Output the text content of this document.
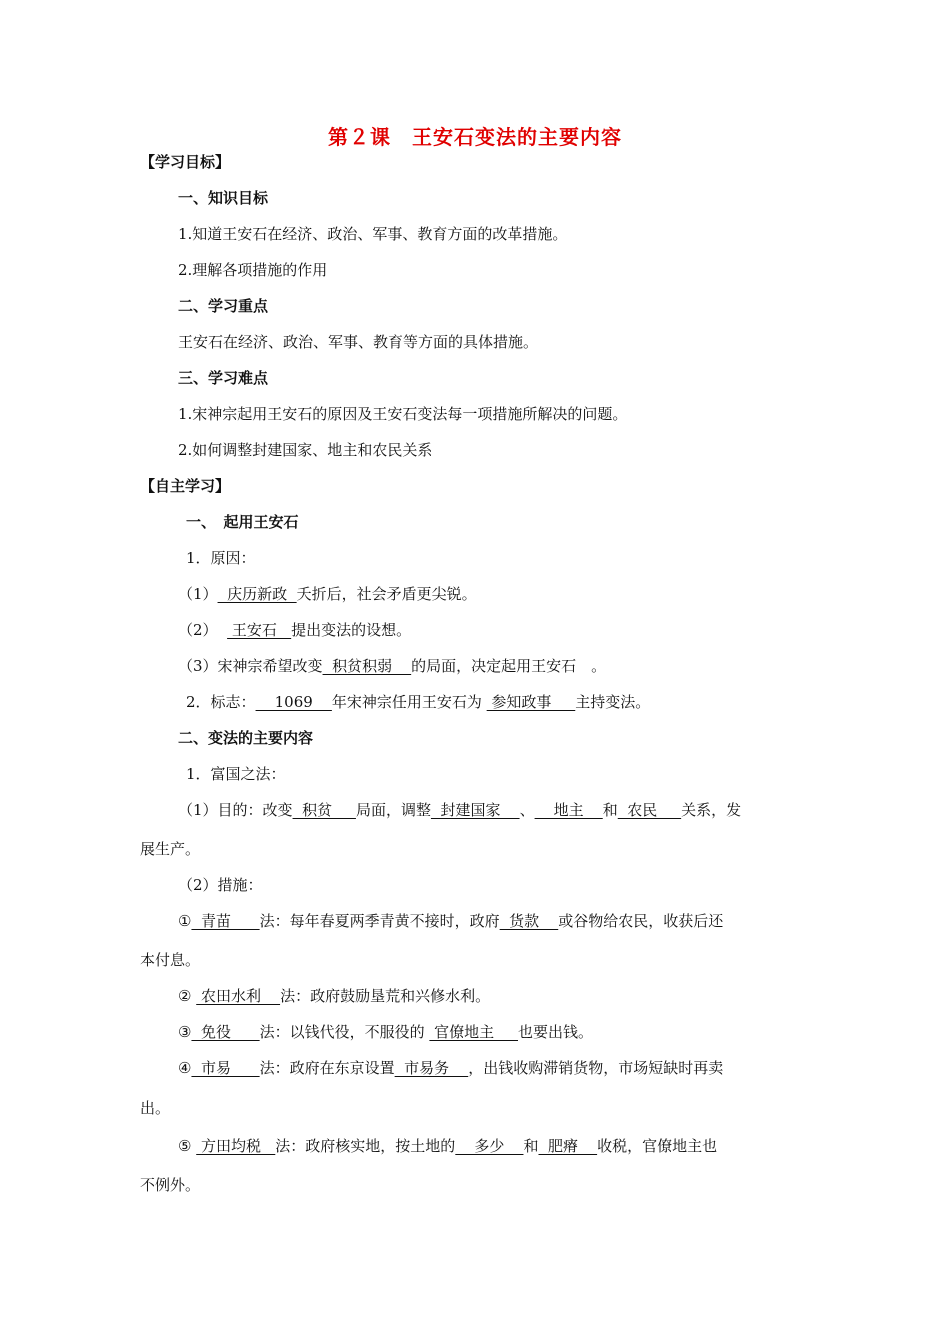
第２课　王安石变法的主要内容
【学习目标】
一、知识目标
1.知道王安石在经济、政治、军事、教育方面的改革措施。
2.理解各项措施的作用
二、学习重点
王安石在经济、政治、军事、教育等方面的具体措施。
三、学习难点
1.宋神宗起用王安石的原因及王安石变法每一项措施所解决的问题。
2.如何调整封建国家、地主和农民关系
【自主学习】
一、　起用王安石
1．原因：
（1）  庆历新政  夭折后，社会矛盾更尖锐。
（2）   王安石   提出变法的设想。
（3）宋神宗希望改变  积贫积弱    的局面，决定起用王安石　。
2．标志：    1069    年宋神宗任用王安石为  参知政事     主持变法。
二、变法的主要内容
1．富国之法：
（1）目的：改变  积贫     局面，调整  封建国家    、    地主    和  农民     关系，发
展生产。
（2）措施：
①  青苗      法：每年春夏两季青黄不接时，政府  货款    或谷物给农民，收获后还
本付息。
②  农田水利    法：政府鼓励垦荒和兴修水利。
③  免役      法：以钱代役，不服役的  官僚地主     也要出钱。
④  市易      法：政府在东京设置  市易务    ，出钱收购滞销货物，市场短缺时再卖
出。
⑤  方田均税   法：政府核实地，按土地的    多少    和  肥瘠    收税，官僚地主也
不例外。
